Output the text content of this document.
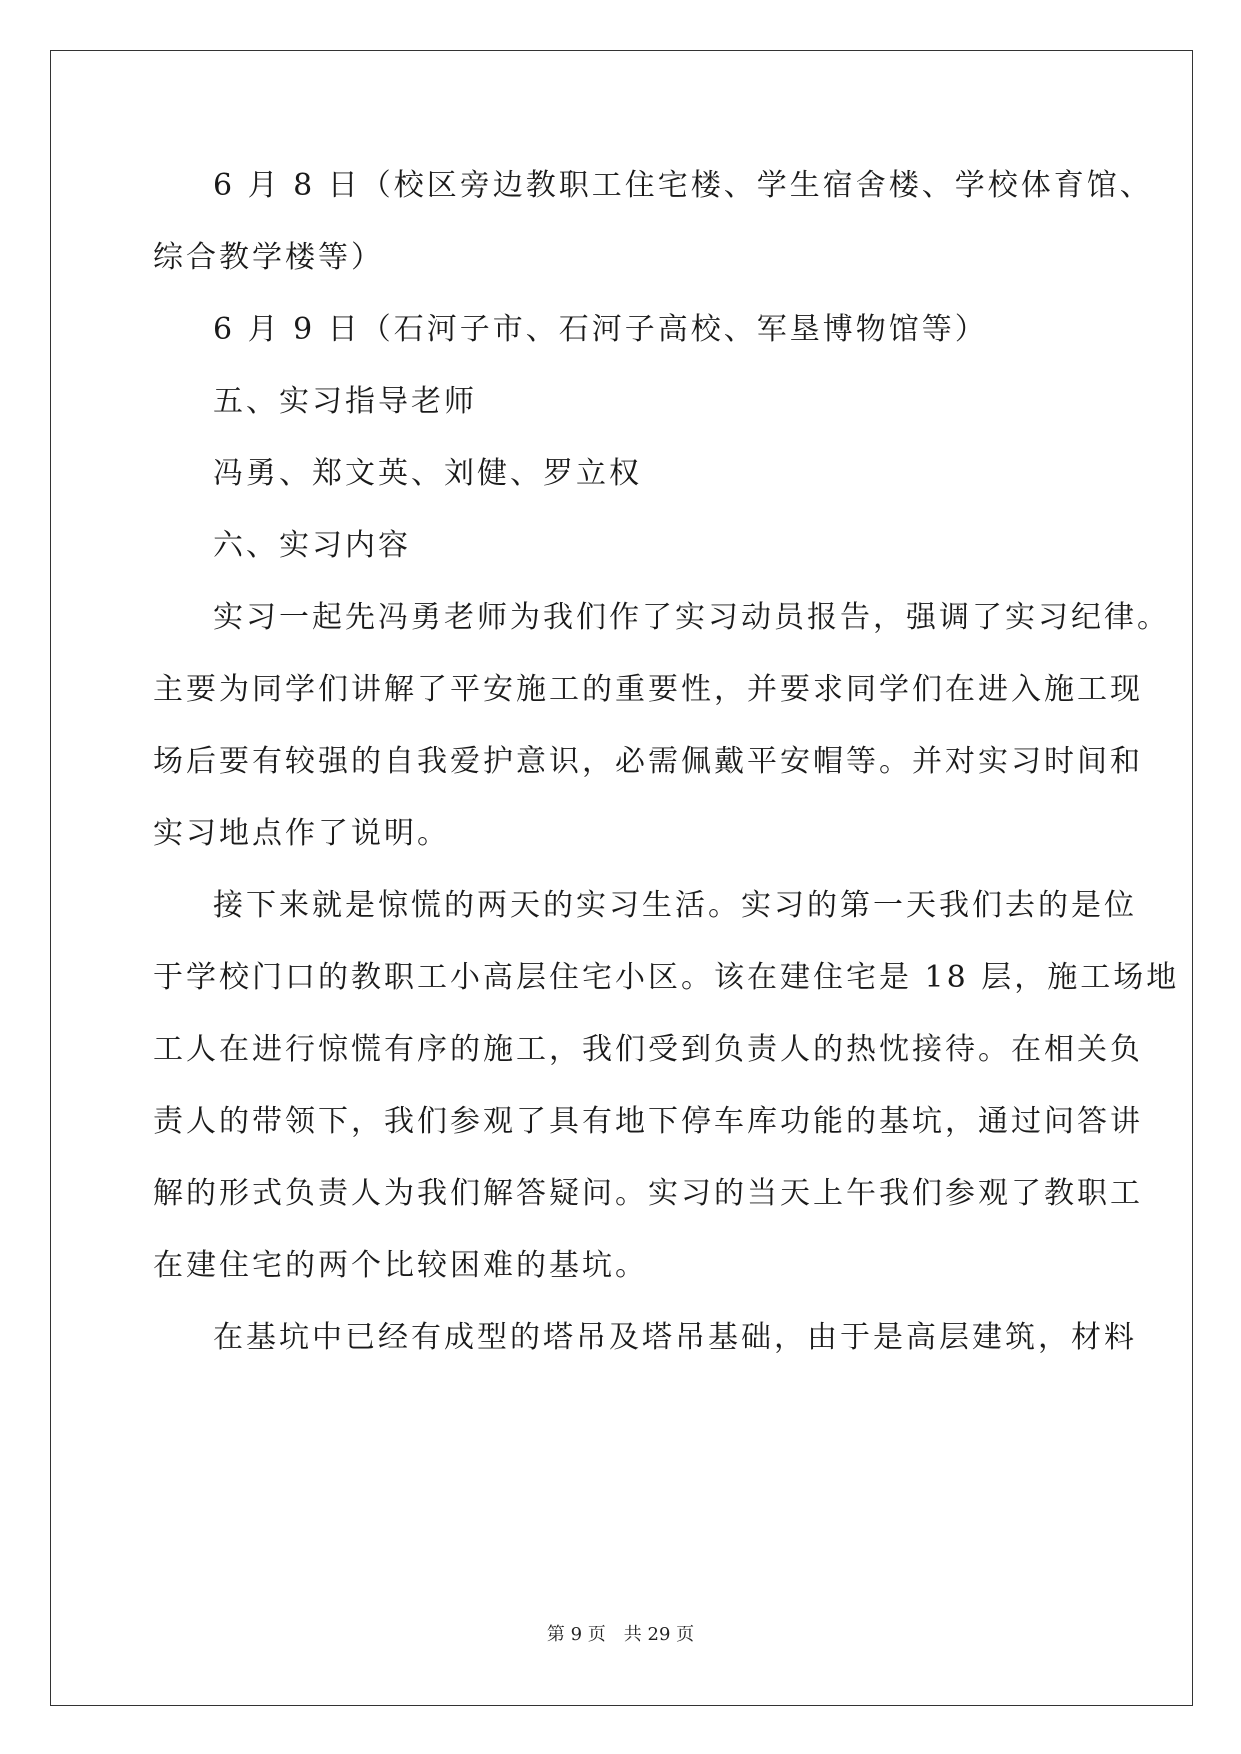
6 月 8 日（校区旁边教职工住宅楼、学生宿舍楼、学校体育馆、
综合教学楼等）
6 月 9 日（石河子市、石河子高校、军垦博物馆等）
五、实习指导老师
冯勇、郑文英、刘健、罗立权
六、实习内容
实习一起先冯勇老师为我们作了实习动员报告，强调了实习纪律。
主要为同学们讲解了平安施工的重要性，并要求同学们在进入施工现
场后要有较强的自我爱护意识，必需佩戴平安帽等。并对实习时间和
实习地点作了说明。
接下来就是惊慌的两天的实习生活。实习的第一天我们去的是位
于学校门口的教职工小高层住宅小区。该在建住宅是 18 层，施工场地
工人在进行惊慌有序的施工，我们受到负责人的热忱接待。在相关负
责人的带领下，我们参观了具有地下停车库功能的基坑，通过问答讲
解的形式负责人为我们解答疑问。实习的当天上午我们参观了教职工
在建住宅的两个比较困难的基坑。
在基坑中已经有成型的塔吊及塔吊基础，由于是高层建筑，材料
第 9 页　共 29 页
